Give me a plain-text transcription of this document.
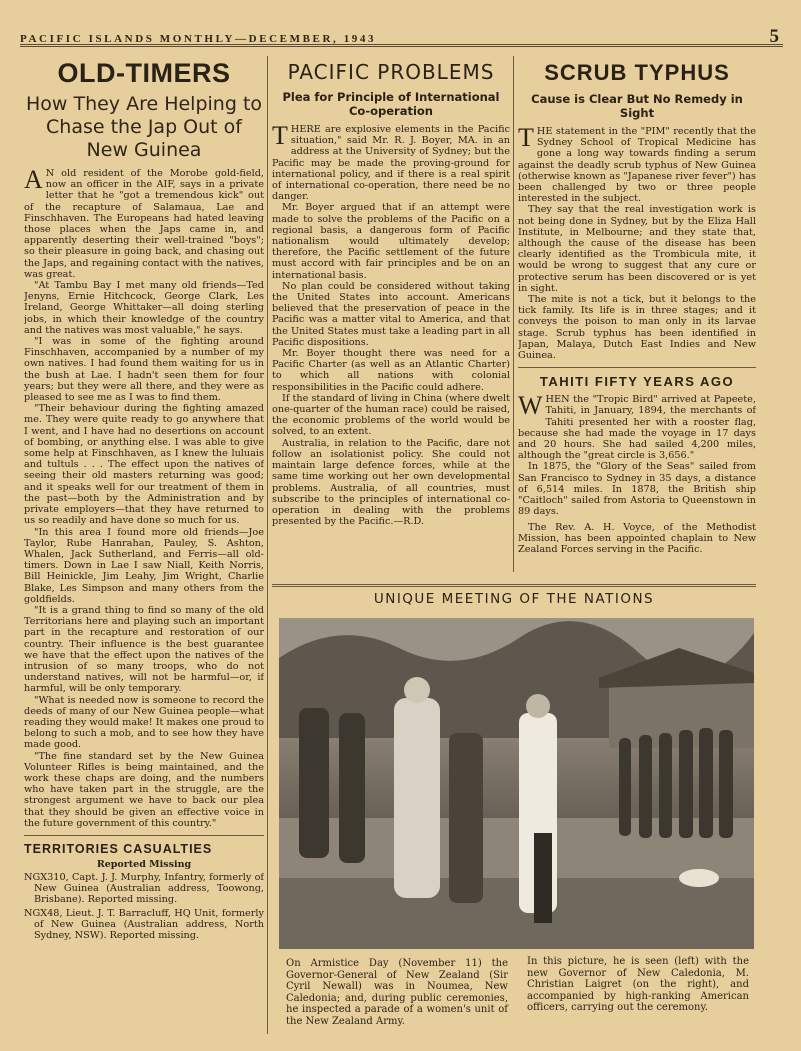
PACIFIC ISLANDS MONTHLY—DECEMBER, 1943	5
OLD-TIMERS
How They Are Helping to Chase the Jap Out of New Guinea

AN old resident of the Morobe gold-field, now an officer in the AIF, says in a private letter that he "got a tremendous kick" out of the recapture of Salamaua, Lae and Finschhaven. The Europeans had hated leaving those places when the Japs came in, and apparently deserting their well-trained "boys"; so their pleasure in going back, and chasing out the Japs, and regaining contact with the natives, was great.

"At Tambu Bay I met many old friends—Ted Jenyns, Ernie Hitchcock, George Clark, Les Ireland, George Whittaker—all doing sterling jobs, in which their knowledge of the country and the natives was most valuable," he says.

"I was in some of the fighting around Finschhaven, accompanied by a number of my own natives. I had found them waiting for us in the bush at Lae. I hadn't seen them for four years; but they were all there, and they were as pleased to see me as I was to find them.

"Their behaviour during the fighting amazed me. They were quite ready to go anywhere that I went, and I have had no desertions on account of bombing, or anything else. I was able to give some help at Finschhaven, as I knew the luluais and tultuls . . . The effect upon the natives of seeing their old masters returning was good; and it speaks well for our treatment of them in the past—both by the Administration and by private employers—that they have returned to us so readily and have done so much for us.

"In this area I found more old friends—Joe Taylor, Rube Hanrahan, Pauley, S. Ashton, Whalen, Jack Sutherland, and Ferris—all old-timers. Down in Lae I saw Niall, Keith Norris, Bill Heinickle, Jim Leahy, Jim Wright, Charlie Blake, Les Simpson and many others from the goldfields.

"It is a grand thing to find so many of the old Territorians here and playing such an important part in the recapture and restoration of our country. Their influence is the best guarantee we have that the effect upon the natives of the intrusion of so many troops, who do not understand natives, will not be harmful—or, if harmful, will be only temporary.

"What is needed now is someone to record the deeds of many of our New Guinea people—what reading they would make! It makes one proud to belong to such a mob, and to see how they have made good.

"The fine standard set by the New Guinea Volunteer Rifles is being maintained, and the work these chaps are doing, and the numbers who have taken part in the struggle, are the strongest argument we have to back our plea that they should be given an effective voice in the future government of this country."

TERRITORIES CASUALTIES
Reported Missing

NGX310, Capt. J. J. Murphy, Infantry, formerly of New Guinea (Australian address, Toowong, Brisbane). Reported missing.

NGX48, Lieut. J. T. Barracluff, HQ Unit, formerly of New Guinea (Australian address, North Sydney, NSW). Reported missing.

PACIFIC PROBLEMS
Plea for Principle of International Co-operation

THERE are explosive elements in the Pacific situation," said Mr. R. J. Boyer, MA. in an address at the University of Sydney; but the Pacific may be made the proving-ground for international policy, and if there is a real spirit of international co-operation, there need be no danger.

Mr. Boyer argued that if an attempt were made to solve the problems of the Pacific on a regional basis, a dangerous form of Pacific nationalism would ultimately develop; therefore, the Pacific settlement of the future must accord with fair principles and be on an international basis.

No plan could be considered without taking the United States into account. Americans believed that the preservation of peace in the Pacific was a matter vital to America, and that the United States must take a leading part in all Pacific dispositions.

Mr. Boyer thought there was need for a Pacific Charter (as well as an Atlantic Charter) to which all nations with colonial responsibilities in the Pacific could adhere.

If the standard of living in China (where dwelt one-quarter of the human race) could be raised, the economic problems of the world would be solved, to an extent.

Australia, in relation to the Pacific, dare not follow an isolationist policy. She could not maintain large defence forces, while at the same time working out her own developmental problems. Australia, of all countries, must subscribe to the principles of international co-operation in dealing with the problems presented by the Pacific.—R.D.

SCRUB TYPHUS
Cause is Clear But No Remedy in Sight

THE statement in the "PIM" recently that the Sydney School of Tropical Medicine has gone a long way towards finding a serum against the deadly scrub typhus of New Guinea (otherwise known as "Japanese river fever") has been challenged by two or three people interested in the subject.

They say that the real investigation work is not being done in Sydney, but by the Eliza Hall Institute, in Melbourne; and they state that, although the cause of the disease has been clearly identified as the Trombicula mite, it would be wrong to suggest that any cure or protective serum has been discovered or is yet in sight.

The mite is not a tick, but it belongs to the tick family. Its life is in three stages; and it conveys the poison to man only in its larvae stage. Scrub typhus has been identified in Japan, Malaya, Dutch East Indies and New Guinea.

TAHITI FIFTY YEARS AGO

WHEN the "Tropic Bird" arrived at Papeete, Tahiti, in January, 1894, the merchants of Tahiti presented her with a rooster flag, because she had made the voyage in 17 days and 20 hours. She had sailed 4,200 miles, although the "great circle is 3,656."

In 1875, the "Glory of the Seas" sailed from San Francisco to Sydney in 35 days, a distance of 6,514 miles. In 1878, the British ship "Caitloch" sailed from Astoria to Queenstown in 89 days.

The Rev. A. H. Voyce, of the Methodist Mission, has been appointed chaplain to New Zealand Forces serving in the Pacific.

UNIQUE MEETING OF THE NATIONS
On Armistice Day (November 11) the Governor-General of New Zealand (Sir Cyril Newall) was in Noumea, New Caledonia; and, during public ceremonies, he inspected a parade of a women's unit of the New Zealand Army.
In this picture, he is seen (left) with the new Governor of New Caledonia, M. Christian Laigret (on the right), and accompanied by high-ranking American officers, carrying out the ceremony.
